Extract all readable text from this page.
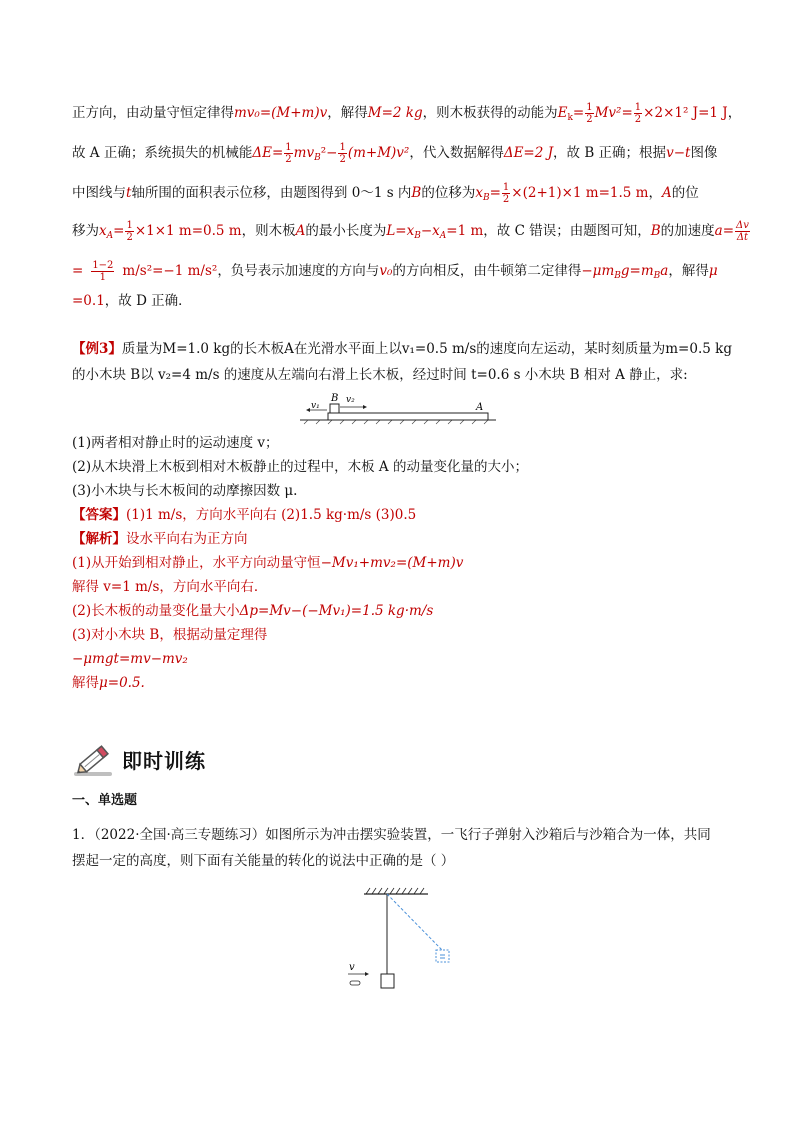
正方向，由动量守恒定律得mv₀=(M+m)v，解得M=2 kg，则木板获得的动能为$E_k= \frac{1}{2} Mv^2= \frac{1}{2} \times 2\times 1^2$ J=1 J，
故 A 正确；系统损失的机械能$\Delta E= \frac{1}{2} mv_B^2- \frac{1}{2} (m+M)v^2$，代入数据解得ΔE=2 J，故 B 正确；根据v−t图像
中图线与t轴所围的面积表示位移，由题图得到 0～1 s 内B的位移为$x_B= \frac{1}{2} \times(2+1)\times 1$ m=1.5 m，A的位
移为$x_A= \frac{1}{2} \times 1\times 1$ m=0.5 m，则木板A的最小长度为$L=x_B-x_A=1$ m，故 C 错误；由题图可知，B的加速度$a= \frac{\Delta v}{\Delta t}$
= $\frac{1-2}{1} m/s^2=-1$ m/s²，负号表示加速度的方向与v₀的方向相反，由牛顿第二定律得$-\mu m_Bg=m_Ba$，解得μ
=0.1，故 D 正确．
【例3】质量为M=1.0 kg的长木板A在光滑水平面上以v₁=0.5 m/s的速度向左运动，某时刻质量为m=0.5 kg
的小木块 B以 v₂=4 m/s 的速度从左端向右滑上长木板，经过时间 t=0.6 s 小木块 B 相对 A 静止，求:
B
v₁
v₂
A
(1)两者相对静止时的运动速度 v；
(2)从木块滑上木板到相对木板静止的过程中，木板 A 的动量变化量的大小；
(3)小木块与长木板间的动摩擦因数 μ.
【答案】(1)1 m/s，方向水平向右 (2)1.5 kg·m/s (3)0.5
【解析】设水平向右为正方向
(1)从开始到相对静止，水平方向动量守恒−Mv₁+mv₂=(M+m)v
解得 v=1 m/s，方向水平向右．
(2)长木板的动量变化量大小Δp=Mv−(−Mv₁)=1.5 kg·m/s
(3)对小木块 B，根据动量定理得
−μmgt=mv−mv₂
解得μ=0.5.
即时训练
一、单选题
1．（2022·全国·高三专题练习）如图所示为冲击摆实验装置，一飞行子弹射入沙箱后与沙箱合为一体，共同
摆起一定的高度，则下面有关能量的转化的说法中正确的是（ ）
v
